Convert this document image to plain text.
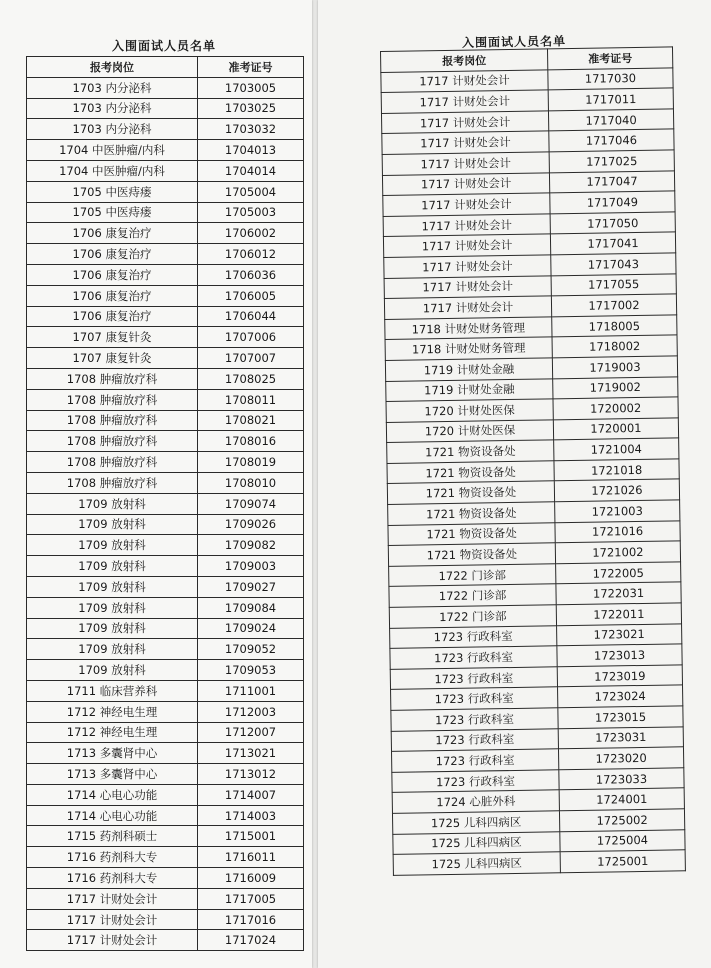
入围面试人员名单
报考岗位	准考证号
1703 内分泌科	1703005
1703 内分泌科	1703025
1703 内分泌科	1703032
1704 中医肿瘤/内科	1704013
1704 中医肿瘤/内科	1704014
1705 中医痔瘘	1705004
1705 中医痔瘘	1705003
1706 康复治疗	1706002
1706 康复治疗	1706012
1706 康复治疗	1706036
1706 康复治疗	1706005
1706 康复治疗	1706044
1707 康复针灸	1707006
1707 康复针灸	1707007
1708 肿瘤放疗科	1708025
1708 肿瘤放疗科	1708011
1708 肿瘤放疗科	1708021
1708 肿瘤放疗科	1708016
1708 肿瘤放疗科	1708019
1708 肿瘤放疗科	1708010
1709 放射科	1709074
1709 放射科	1709026
1709 放射科	1709082
1709 放射科	1709003
1709 放射科	1709027
1709 放射科	1709084
1709 放射科	1709024
1709 放射科	1709052
1709 放射科	1709053
1711 临床营养科	1711001
1712 神经电生理	1712003
1712 神经电生理	1712007
1713 多囊肾中心	1713021
1713 多囊肾中心	1713012
1714 心电心功能	1714007
1714 心电心功能	1714003
1715 药剂科硕士	1715001
1716 药剂科大专	1716011
1716 药剂科大专	1716009
1717 计财处会计	1717005
1717 计财处会计	1717016
1717 计财处会计	1717024
入围面试人员名单
报考岗位	准考证号
1717 计财处会计	1717030
1717 计财处会计	1717011
1717 计财处会计	1717040
1717 计财处会计	1717046
1717 计财处会计	1717025
1717 计财处会计	1717047
1717 计财处会计	1717049
1717 计财处会计	1717050
1717 计财处会计	1717041
1717 计财处会计	1717043
1717 计财处会计	1717055
1717 计财处会计	1717002
1718 计财处财务管理	1718005
1718 计财处财务管理	1718002
1719 计财处金融	1719003
1719 计财处金融	1719002
1720 计财处医保	1720002
1720 计财处医保	1720001
1721 物资设备处	1721004
1721 物资设备处	1721018
1721 物资设备处	1721026
1721 物资设备处	1721003
1721 物资设备处	1721016
1721 物资设备处	1721002
1722 门诊部	1722005
1722 门诊部	1722031
1722 门诊部	1722011
1723 行政科室	1723021
1723 行政科室	1723013
1723 行政科室	1723019
1723 行政科室	1723024
1723 行政科室	1723015
1723 行政科室	1723031
1723 行政科室	1723020
1723 行政科室	1723033
1724 心脏外科	1724001
1725 儿科四病区	1725002
1725 儿科四病区	1725004
1725 儿科四病区	1725001
